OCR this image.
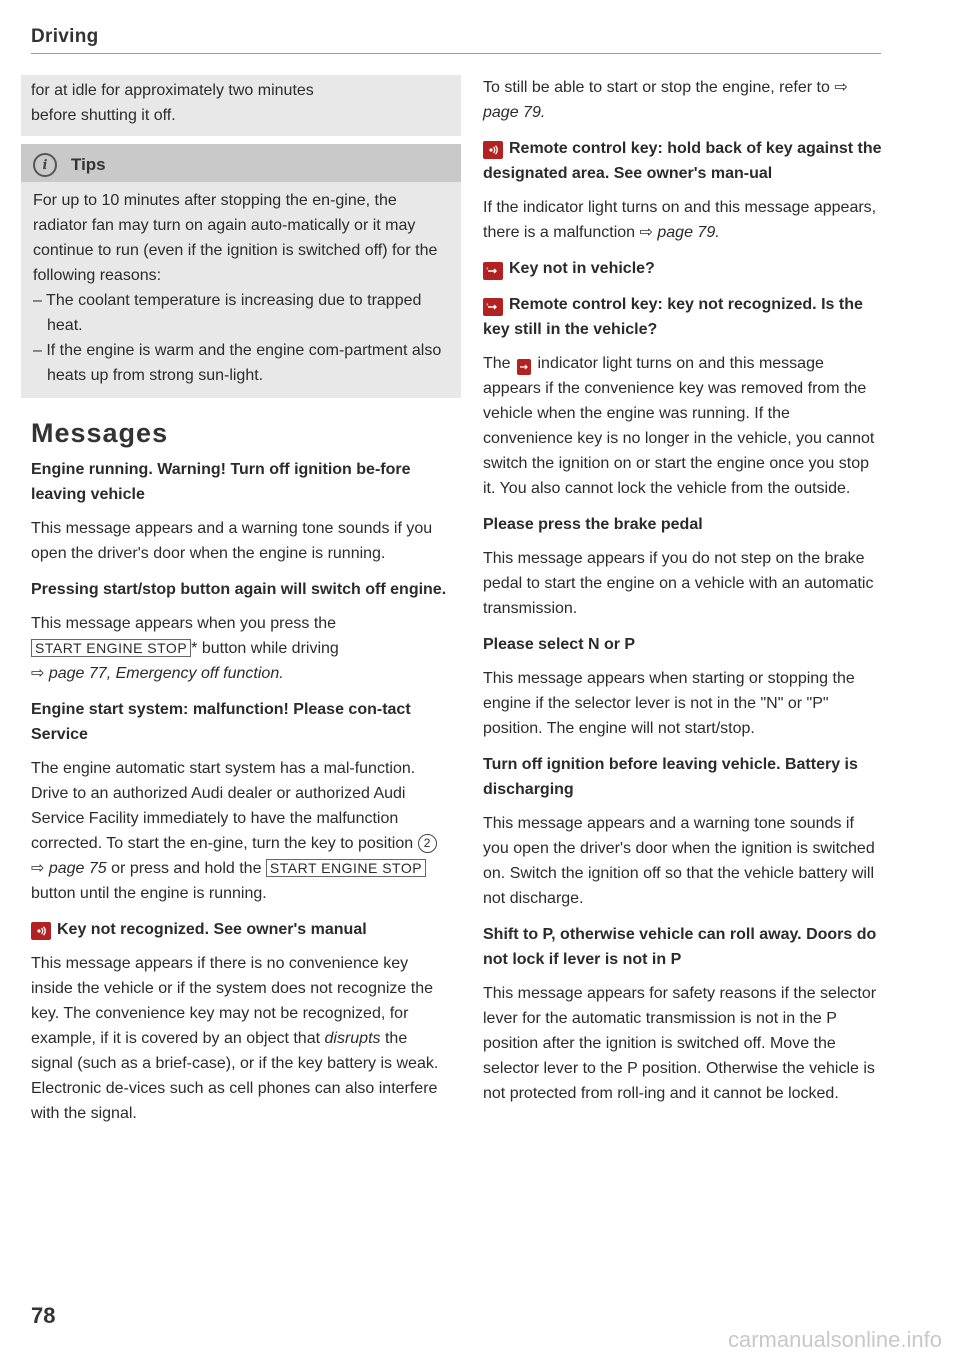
Driving

for at idle for approximately two minutes

before shutting it off.

i	Tips

For up to 10 minutes after stopping the en-gine, the radiator fan may turn on again auto-matically or it may continue to run (even if the ignition is switched off) for the following reasons:

– The coolant temperature is increasing due to trapped heat.

– If the engine is warm and the engine com-partment also heats up from strong sun-light.

Messages
Engine running. Warning! Turn off ignition be-fore leaving vehicle

This message appears and a warning tone sounds if you open the driver's door when the engine is running.

Pressing start/stop button again will switch off engine.

This message appears when you press the
START ENGINE STOP * button while driving
⇨ page 77, Emergency off function.

Engine start system: malfunction! Please con-tact Service

The engine automatic start system has a mal-function. Drive to an authorized Audi dealer or authorized Audi Service Facility immediately to have the malfunction corrected. To start the en-gine, turn the key to position 2 ⇨ page 75 or press and hold the START ENGINE STOP button until the engine is running.

Key not recognized. See owner's manual

This message appears if there is no convenience key inside the vehicle or if the system does not recognize the key. The convenience key may not be recognized, for example, if it is covered by an object that disrupts the signal (such as a brief-case), or if the key battery is weak. Electronic de-vices such as cell phones can also interfere with the signal.

To still be able to start or stop the engine, refer to ⇨ page 79.

Remote control key: hold back of key against the designated area. See owner's man-ual

If the indicator light turns on and this message appears, there is a malfunction ⇨ page 79.

? Key not in vehicle?
? Remote control key: key not recognized. Is the key still in the vehicle?

The indicator light turns on and this message appears if the convenience key was removed from the vehicle when the engine was running. If the convenience key is no longer in the vehicle, you cannot switch the ignition on or start the engine once you stop it. You also cannot lock the vehicle from the outside.

Please press the brake pedal

This message appears if you do not step on the brake pedal to start the engine on a vehicle with an automatic transmission.

Please select N or P

This message appears when starting or stopping the engine if the selector lever is not in the "N" or "P" position. The engine will not start/stop.

Turn off ignition before leaving vehicle. Battery is discharging

This message appears and a warning tone sounds if you open the driver's door when the ignition is switched on. Switch the ignition off so that the vehicle battery will not discharge.

Shift to P, otherwise vehicle can roll away. Doors do not lock if lever is not in P

This message appears for safety reasons if the selector lever for the automatic transmission is not in the P position after the ignition is switched off. Move the selector lever to the P position. Otherwise the vehicle is not protected from roll-ing and it cannot be locked.

78
carmanualsonline.info
